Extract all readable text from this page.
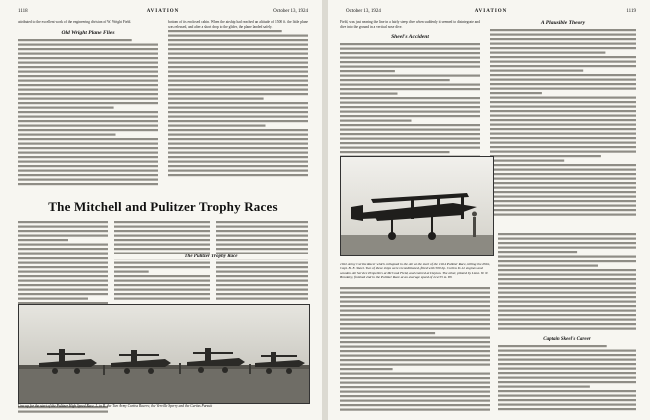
1118	AVIATION	October 13, 1924

attributed to the excellent work of the engineering division of W. Wright Field.

Old Wright Plane Flies

bottom of its enclosed cabin. When the airship had reached an altitude of 1500 ft. the little plane was released, and after a short drop to the glider, the plane landed safely.

The Mitchell and Pulitzer Trophy Races

The Pulitzer Trophy Race

Line up for the start of the Pulitzer High Speed Race. L. to R. the Two Army Curtiss Racers; the Verville Sperry and the Curtiss Pursuit
October 13, 1924	AVIATION	1119

Field, was just nearing the line in a fairly steep dive when suddenly it seemed to disintegrate and dive into the ground in a vertical nose dive.

Sheel's Accident

A Plausible Theory

1922 Army Curtiss Racer which collapsed in the Air at the start of the 1924 Pulitzer Race, killing the Pilot, Capt. B. E. Skeel. Two of these ships were reconditioned, fitted with 500 hp. Curtiss D-12 engines and wooden Air Service Propellers at McCook Field, and entered at Dayton. The other, piloted by Lieut. W. N. Brookley, finished 2nd in the Pulitzer Race at an average speed of 214.55 m. Hr.

Captain Skeel's Career
